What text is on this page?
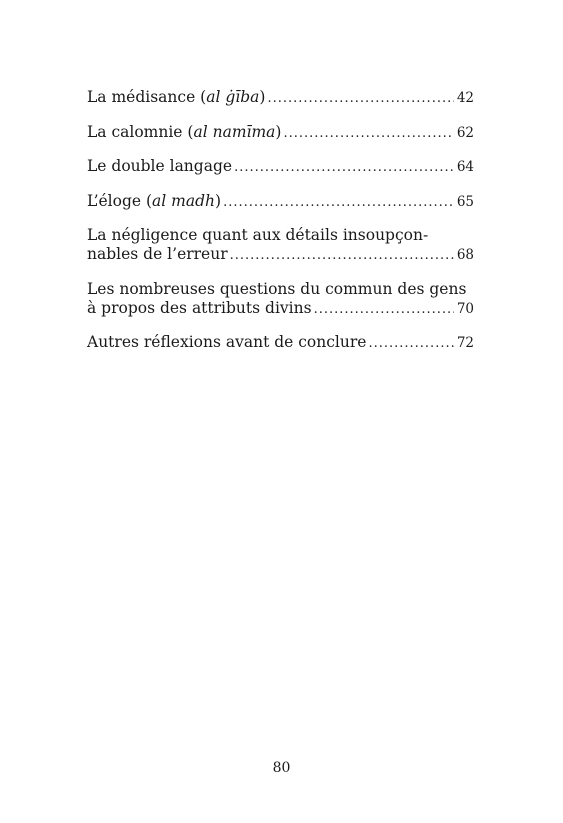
La médisance (al ġība) .....	42
La calomnie (al namīma) .....	62
Le double langage .....	64
L’éloge (al madh) .....	65
La négligence quant aux détails insoupçon-
nables de l’erreur .....	68
Les nombreuses questions du commun des gens
à propos des attributs divins .....	70
Autres réflexions avant de conclure .....	72
80
